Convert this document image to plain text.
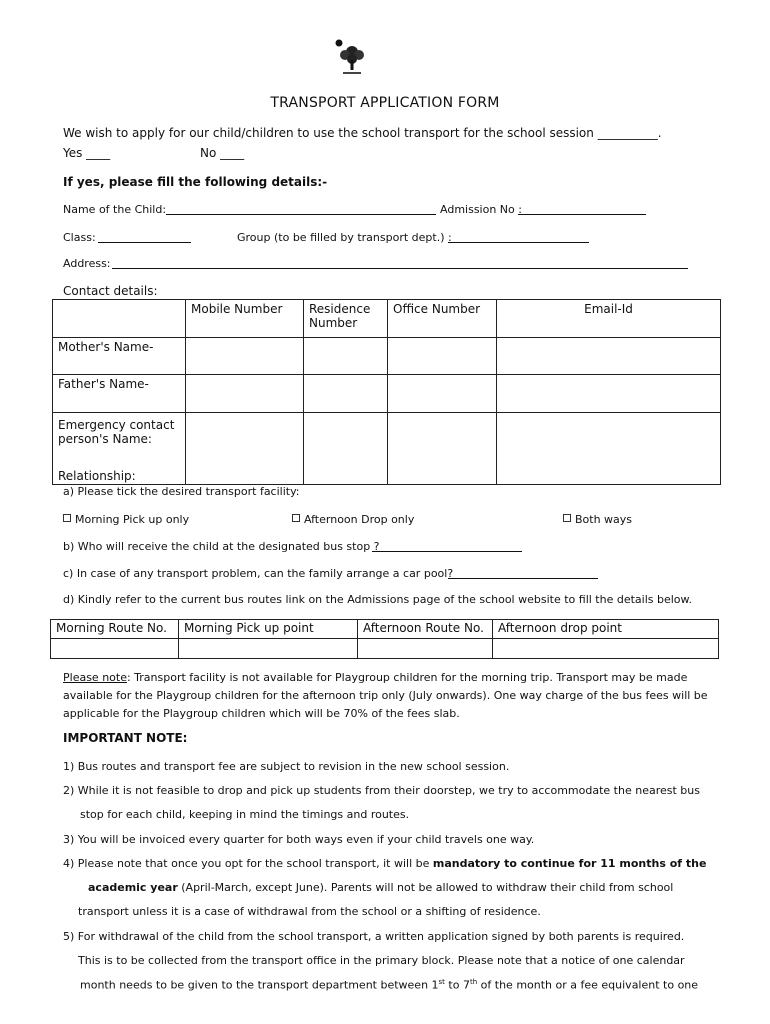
TRANSPORT APPLICATION FORM
We wish to apply for our child/children to use the school transport for the school session __________.
Yes ____	No ____
If yes, please fill the following details:-
Name of the Child:	Admission No :
Class:	Group (to be filled by transport dept.) :
Address:
Contact details:
	Mobile Number	Residence Number	Office Number	Email-Id
Mother's Name-				
Father's Name-				

Emergency contact person's Name:
Relationship:				

a) Please tick the desired transport facility:
Morning Pick up only	Afternoon Drop only	Both ways
b) Who will receive the child at the designated bus stop ?
c) In case of any transport problem, can the family arrange a car pool?
d) Kindly refer to the current bus routes link on the Admissions page of the school website to fill the details below.
Morning Route No.	Morning Pick up point	Afternoon Route No.	Afternoon drop point

Please note: Transport facility is not available for Playgroup children for the morning trip. Transport may be made

available for the Playgroup children for the afternoon trip only (July onwards). One way charge of the bus fees will be

applicable for the Playgroup children which will be 70% of the fees slab.

IMPORTANT NOTE:
1) Bus routes and transport fee are subject to revision in the new school session.
2) While it is not feasible to drop and pick up students from their doorstep, we try to accommodate the nearest bus
stop for each child, keeping in mind the timings and routes.
3) You will be invoiced every quarter for both ways even if your child travels one way.
4) Please note that once you opt for the school transport, it will be mandatory to continue for 11 months of the
academic year (April-March, except June). Parents will not be allowed to withdraw their child from school
transport unless it is a case of withdrawal from the school or a shifting of residence.
5) For withdrawal of the child from the school transport, a written application signed by both parents is required.
This is to be collected from the transport office in the primary block. Please note that a notice of one calendar
month needs to be given to the transport department between 1st to 7th of the month or a fee equivalent to one
